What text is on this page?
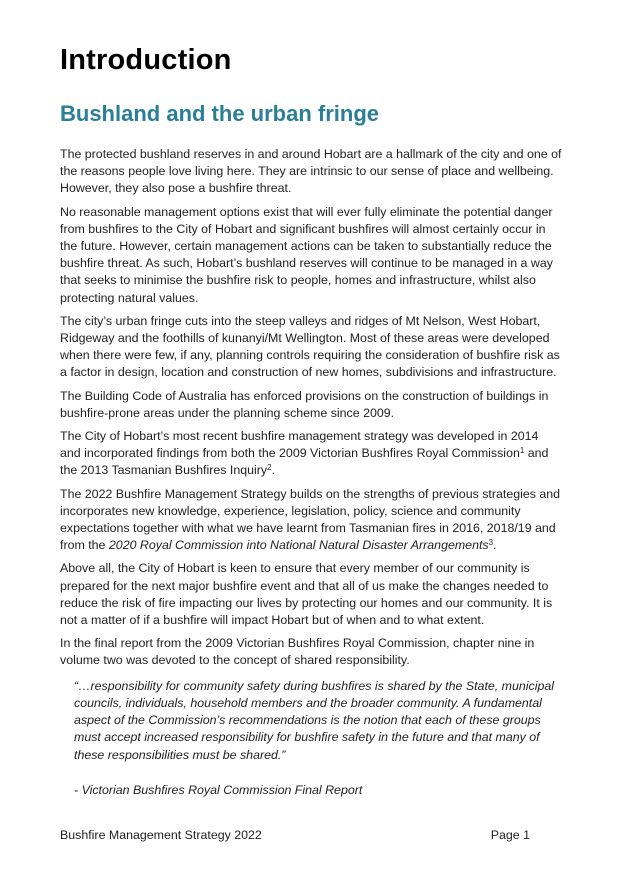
Introduction
Bushland and the urban fringe

The protected bushland reserves in and around Hobart are a hallmark of the city and one of the reasons people love living here. They are intrinsic to our sense of place and wellbeing. However, they also pose a bushfire threat.

No reasonable management options exist that will ever fully eliminate the potential danger from bushfires to the City of Hobart and significant bushfires will almost certainly occur in the future. However, certain management actions can be taken to substantially reduce the bushfire threat. As such, Hobart’s bushland reserves will continue to be managed in a way that seeks to minimise the bushfire risk to people, homes and infrastructure, whilst also protecting natural values.

The city’s urban fringe cuts into the steep valleys and ridges of Mt Nelson, West Hobart, Ridgeway and the foothills of kunanyi/Mt Wellington. Most of these areas were developed when there were few, if any, planning controls requiring the consideration of bushfire risk as a factor in design, location and construction of new homes, subdivisions and infrastructure.

The Building Code of Australia has enforced provisions on the construction of buildings in bushfire-prone areas under the planning scheme since 2009.

The City of Hobart’s most recent bushfire management strategy was developed in 2014 and incorporated findings from both the 2009 Victorian Bushfires Royal Commission$^1$ and the 2013 Tasmanian Bushfires Inquiry$^2$.

The 2022 Bushfire Management Strategy builds on the strengths of previous strategies and incorporates new knowledge, experience, legislation, policy, science and community expectations together with what we have learnt from Tasmanian fires in 2016, 2018/19 and from the 2020 Royal Commission into National Natural Disaster Arrangements$^3$.

Above all, the City of Hobart is keen to ensure that every member of our community is prepared for the next major bushfire event and that all of us make the changes needed to reduce the risk of fire impacting our lives by protecting our homes and our community. It is not a matter of if a bushfire will impact Hobart but of when and to what extent.

In the final report from the 2009 Victorian Bushfires Royal Commission, chapter nine in volume two was devoted to the concept of shared responsibility.

“…responsibility for community safety during bushfires is shared by the State, municipal councils, individuals, household members and the broader community. A fundamental aspect of the Commission’s recommendations is the notion that each of these groups must accept increased responsibility for bushfire safety in the future and that many of these responsibilities must be shared.”
- Victorian Bushfires Royal Commission Final Report
Bushfire Management Strategy 2022	Page 1
